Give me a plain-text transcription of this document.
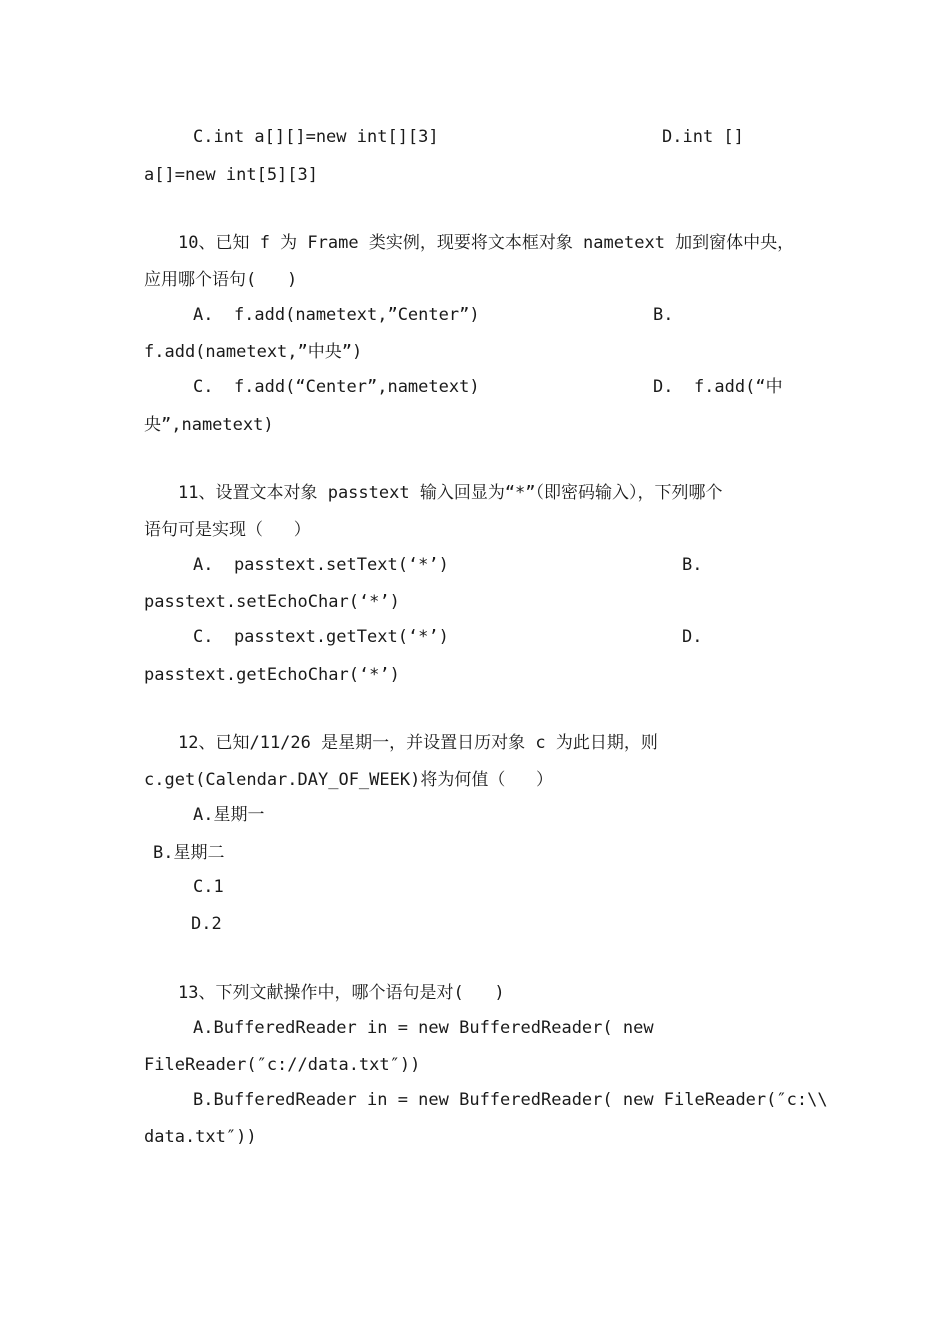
C.int a[][]=new int[][3]	D.int []
a[]=new int[5][3]
10、已知 f 为 Frame 类实例，现要将文本框对象 nametext 加到窗体中央，
应用哪个语句(   )
A.  f.add(nametext,”Center”)	B.
f.add(nametext,”中央”)
C.  f.add(“Center”,nametext)	D.  f.add(“中
央”,nametext)
11、设置文本对象 passtext 输入回显为“*”（即密码输入），下列哪个
语句可是实现（   ）
A.  passtext.setText(‘*’)	B.
passtext.setEchoChar(‘*’)
C.  passtext.getText(‘*’)	D.
passtext.getEchoChar(‘*’)
12、已知/11/26 是星期一，并设置日历对象 c 为此日期，则
c.get(Calendar.DAY_OF_WEEK)将为何值（   ）
A.星期一
B.星期二
C.1
D.2
13、下列文献操作中，哪个语句是对(   )
A.BufferedReader in = new BufferedReader( new
FileReader(″c://data.txt″))
B.BufferedReader in = new BufferedReader( new FileReader(″c:\\
data.txt″))
